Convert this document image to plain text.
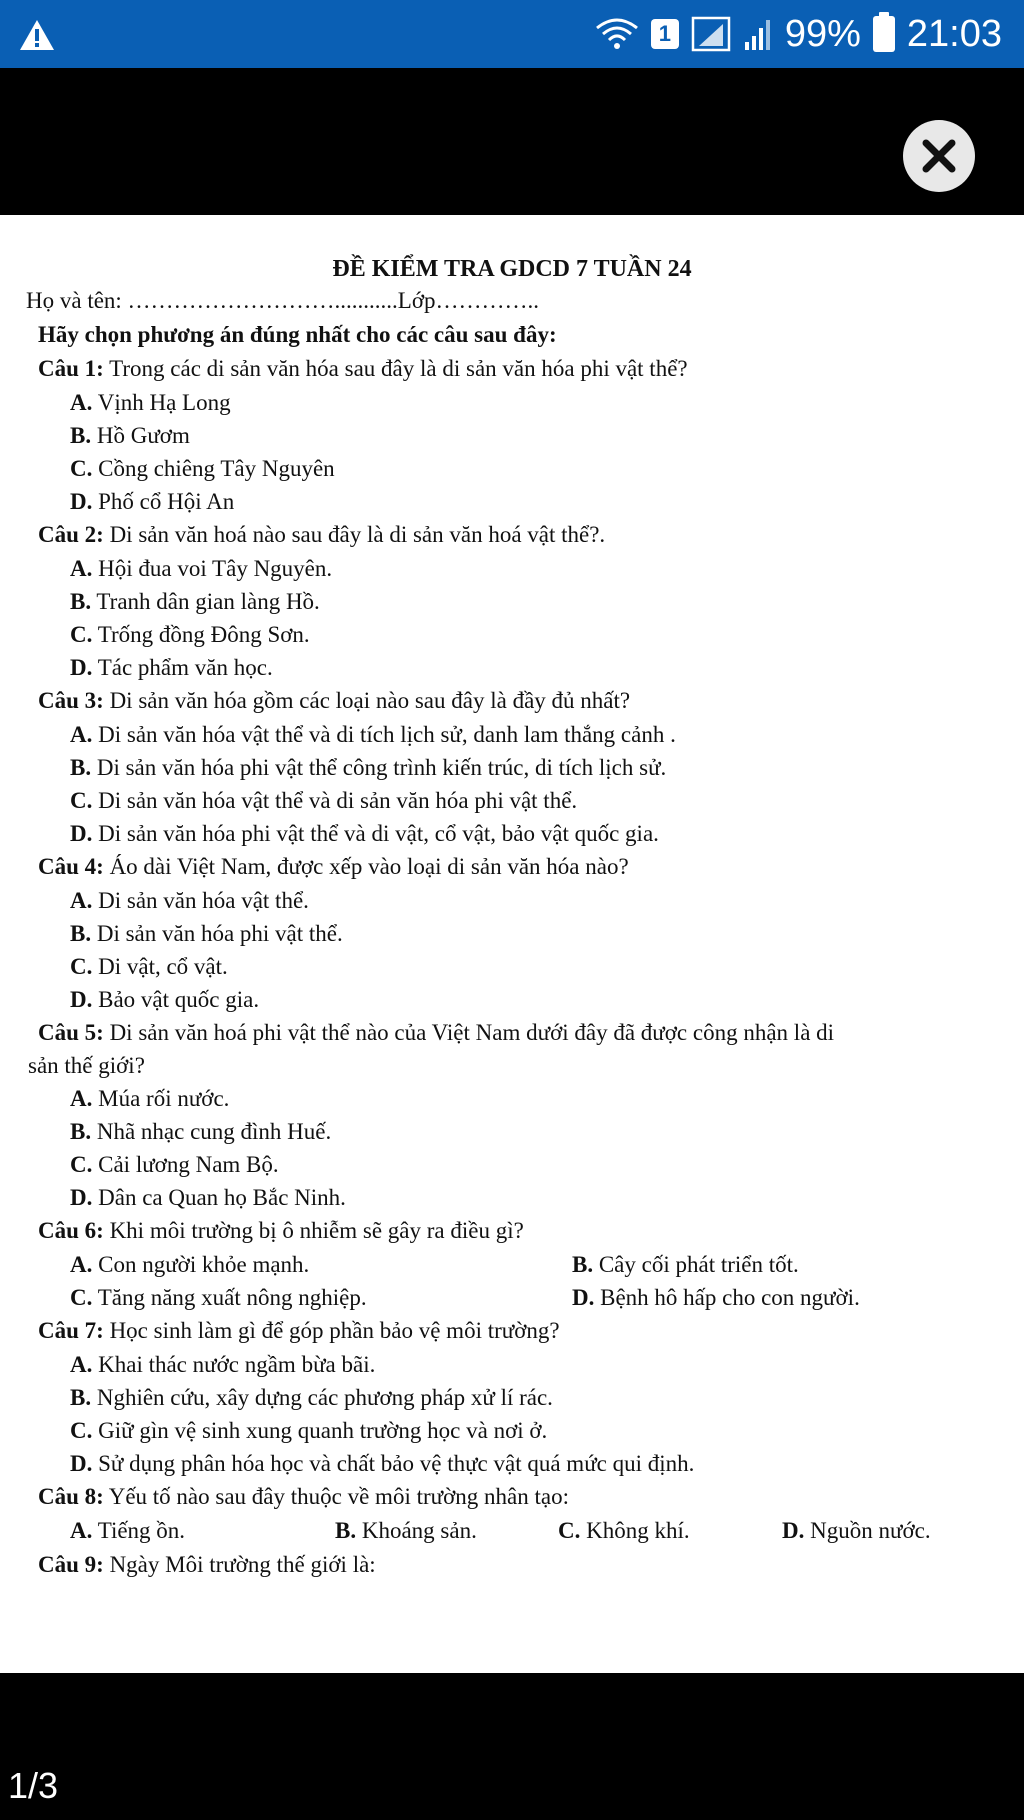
1	99% 21:03
ĐỀ KIỂM TRA GDCD 7 TUẦN 24
Họ và tên: ………………………...........Lớp…………..
Hãy chọn phương án đúng nhất cho các câu sau đây:
Câu 1: Trong các di sản văn hóa sau đây là di sản văn hóa phi vật thể?
A. Vịnh Hạ Long
B. Hồ Gươm
C. Cồng chiêng Tây Nguyên
D. Phố cổ Hội An
Câu 2: Di sản văn hoá nào sau đây là di sản văn hoá vật thể?.
A. Hội đua voi Tây Nguyên.
B. Tranh dân gian làng Hồ.
C. Trống đồng Đông Sơn.
D. Tác phẩm văn học.
Câu 3: Di sản văn hóa gồm các loại nào sau đây là đầy đủ nhất?
A. Di sản văn hóa vật thể và di tích lịch sử, danh lam thắng cảnh .
B. Di sản văn hóa phi vật thể công trình kiến trúc, di tích lịch sử.
C. Di sản văn hóa vật thể và di sản văn hóa phi vật thể.
D. Di sản văn hóa phi vật thể và di vật, cổ vật, bảo vật quốc gia.
Câu 4: Áo dài Việt Nam, được xếp vào loại di sản văn hóa nào?
A. Di sản văn hóa vật thể.
B. Di sản văn hóa phi vật thể.
C. Di vật, cổ vật.
D. Bảo vật quốc gia.
Câu 5: Di sản văn hoá phi vật thể nào của Việt Nam dưới đây đã được công nhận là di
sản thế giới?
A. Múa rối nước.
B. Nhã nhạc cung đình Huế.
C. Cải lương Nam Bộ.
D. Dân ca Quan họ Bắc Ninh.
Câu 6: Khi môi trường bị ô nhiễm sẽ gây ra điều gì?
A. Con người khỏe mạnh.	B. Cây cối phát triển tốt.
C. Tăng năng xuất nông nghiệp.	D. Bệnh hô hấp cho con người.
Câu 7: Học sinh làm gì để góp phần bảo vệ môi trường?
A. Khai thác nước ngầm bừa bãi.
B. Nghiên cứu, xây dựng các phương pháp xử lí rác.
C. Giữ gìn vệ sinh xung quanh trường học và nơi ở.
D. Sử dụng phân hóa học và chất bảo vệ thực vật quá mức qui định.
Câu 8: Yếu tố nào sau đây thuộc về môi trường nhân tạo:
A. Tiếng ồn.	B. Khoáng sản.	C. Không khí.	D. Nguồn nước.
Câu 9: Ngày Môi trường thế giới là:
1/3
